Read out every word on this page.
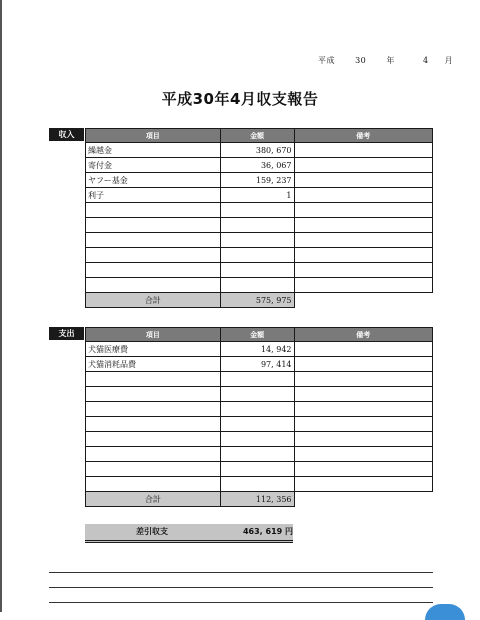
平成	30	年	4 月
平成30年4月収支報告
収入	項目	金額	備考
繰越金	380, 670	
寄付金	36, 067	
ヤフー基金	159, 237	
利子	1	

合計	575, 975	
支出	項目	金額	備考
犬猫医療費	14, 942	
犬猫消耗品費	97, 414	

合計	112, 356	
差引収支	463, 619 円
